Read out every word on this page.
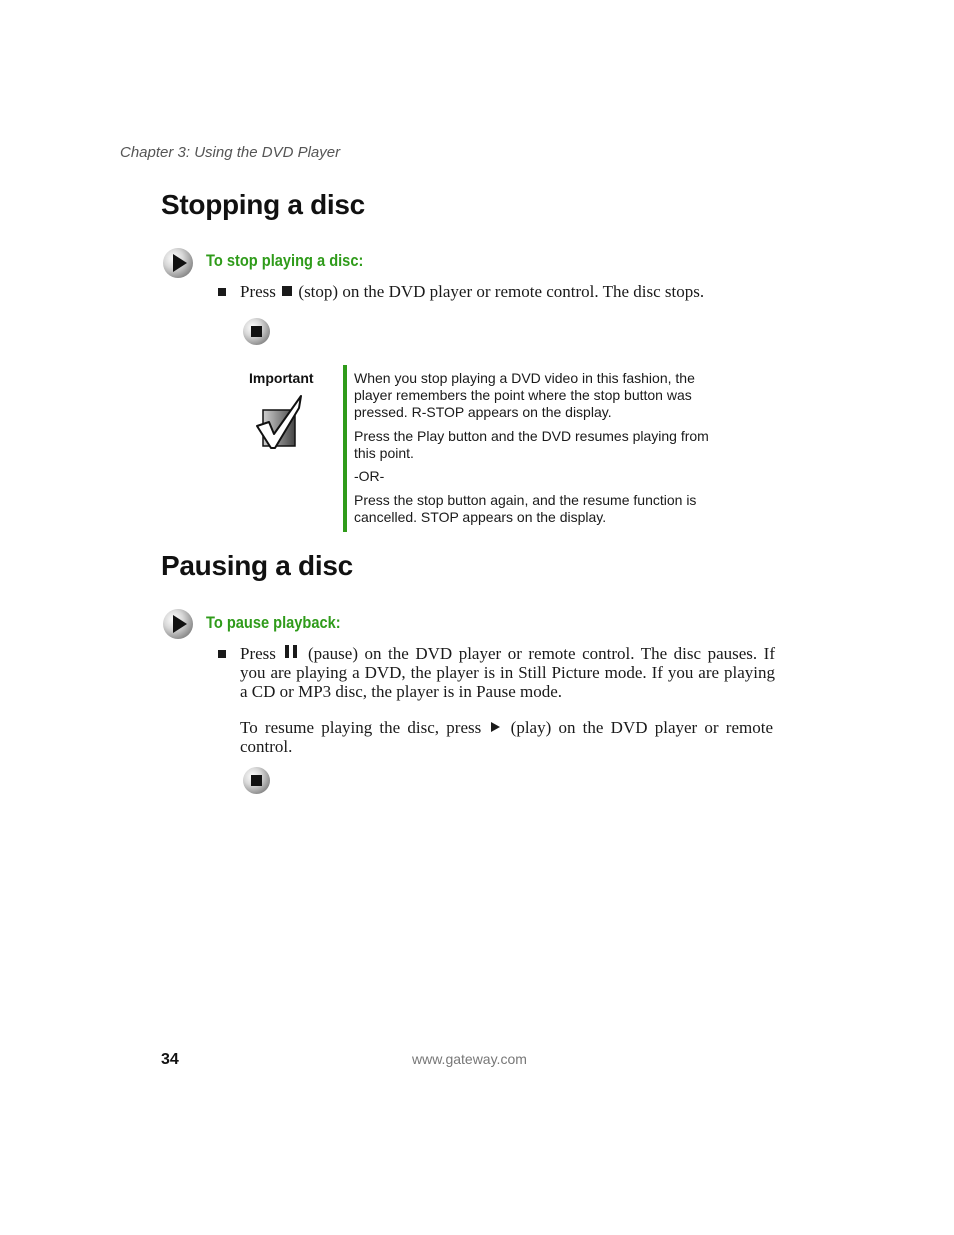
Chapter 3: Using the DVD Player
Stopping a disc
To stop playing a disc:
Press (stop) on the DVD player or remote control. The disc stops.
Important	When you stop playing a DVD video in this fashion, the player remembers the point where the stop button was pressed. R-STOP appears on the display.
Press the Play button and the DVD resumes playing from this point.
-OR-
Press the stop button again, and the resume function is cancelled. STOP appears on the display.
Pausing a disc
To pause playback:
Press (pause) on the DVD player or remote control. The disc pauses. If you are playing a DVD, the player is in Still Picture mode. If you are playing a CD or MP3 disc, the player is in Pause mode.
To resume playing the disc, press (play) on the DVD player or remote control.
34	www.gateway.com
